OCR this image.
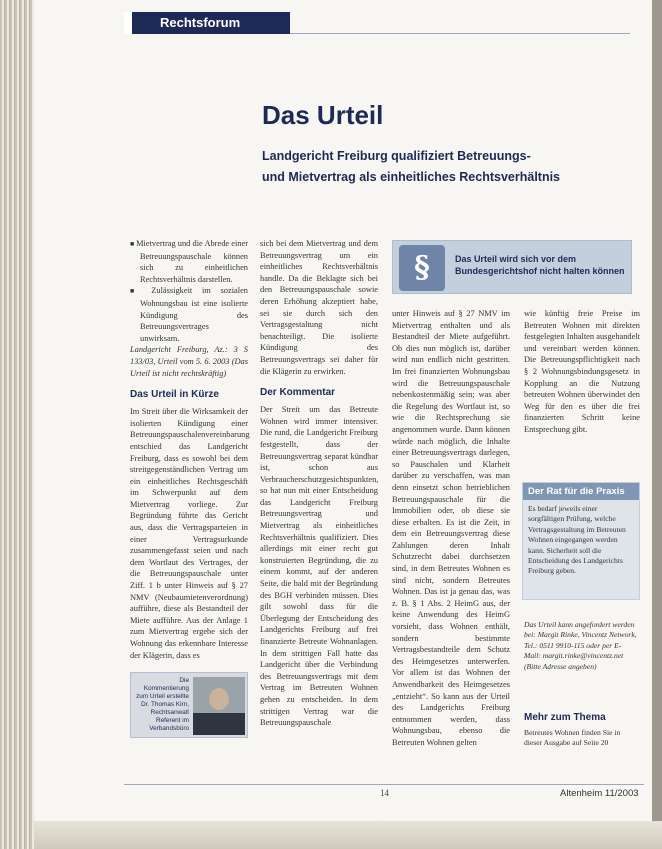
Rechtsforum
Das Urteil
Landgericht Freiburg qualifiziert Betreuungs-
und Mietvertrag als einheitliches Rechtsverhältnis

■ Mietvertrag und die Abrede einer Betreuungspauschale können sich zu einheitlichen Rechtsverhältnis darstellen.

■ Zulässigkeit im sozialen Wohnungsbau ist eine isolierte Kündigung des Betreuungsvertrages unwirksam.

Landgericht Freiburg, Az.: 3 S 133/03, Urteil vom 5. 6. 2003 (Das Urteil ist nicht rechtskräftig)

Das Urteil in Kürze

Im Streit über die Wirksamkeit der isolierten Kündigung einer Betreuungspauschalenvereinbarung entschied das Landgericht Freiburg, dass es sowohl bei dem streitgegenständlichen Vertrag um ein einheitliches Rechtsgeschäft im Schwerpunkt auf dem Mietvertrag vorliege. Zur Begründung führte das Gericht aus, dass die Vertragsparteien in einer Vertragsurkunde zusammengefasst seien und nach dem Wortlaut des Vertrages, der die Betreuungspauschale unter Ziff. 1 b unter Hinweis auf § 27 NMV (Neubaumietenverordnung) aufführe, diese als Bestandteil der Miete aufführe. Aus der Anlage 1 zum Mietvertrag ergebe sich der Wohnung das erkennbare Interesse der Klägerin, dass es

Die Kommentierung zum Urteil erstellte Dr. Thomas Kirn, Rechtsanwalt Referent im Verbandsbüro

sich bei dem Mietvertrag und dem Betreuungsvertrag um ein einheitliches Rechtsverhältnis handle. Da die Beklagte sich bei den Betreuungspauschale sowie deren Erhöhung akzeptiert habe, sei sie durch sich den Vertragsgestaltung nicht benachteiligt. Die isolierte Kündigung des Betreuungsvertrags sei daher für die Klägerin zu erwirken.

Der Kommentar

Der Streit um das Betreute Wohnen wird immer intensiver. Die rund, die Landgericht Freiburg festgestellt, dass der Betreuungsvertrag separat kündbar ist, schon aus Verbraucherschutzgesichtspunkten, so hat nun mit einer Entscheidung das Landgericht Freiburg Betreuungsvertrag und Mietvertrag als einheitliches Rechtsverhältnis qualifiziert. Dies allerdings mit einer recht gut konstruierten Begründung, die zu einem kommt, auf der anderen Seite, die bald mit der Begründung des BGH verbinden müssen. Dies gilt sowohl dass für die Überlegung der Entscheidung des Landgerichts Freiburg auf frei finanzierte Betreute Wohnanlagen. In dem strittigen Fall hatte das Landgericht über die Verbindung des Betreuungsvertrags mit dem Vertrag im Betreuten Wohnen gehen zu entscheiden. In dem strittigen Vertrag war die Betreuungspauschale

§	Das Urteil wird sich vor dem Bundesgerichtshof nicht halten können

unter Hinweis auf § 27 NMV im Mietvertrag enthalten und als Bestandteil der Miete aufgeführt. Ob dies nun möglich ist, darüber wird nun endlich nicht gestritten. Im frei finanzierten Wohnungsbau wird die Betreuungspauschale nebenkostenmäßig sein; was aber die Regelung des Wortlaut ist, so wie die Rechtsprechung sie angenommen wurde. Dann können würde nach möglich, die Inhalte einer Betreuungsvertrags darlegen, so Pauschalen und Klarheit darüber zu verschaffen, was man denn einsetzt schon betrieblichen Betreuungspauschale für die Immobilien oder, ob diese sie diese erhalten. Es ist die Zeit, in dem ein Betreuungsvertrag diese Zahlungen deren Inhalt Schutzrecht dabei durchsetzen sind, in dem Betreutes Wohnen es sind nicht, sondern Betreutes Wohnen. Das ist ja genau das, was z. B. § 1 Abs. 2 HeimG aus, der keine Anwendung des HeimG vorsieht, dass Wohnen enthält, sondern bestimmte Vertragsbestandteile dem Schutz des Heimgesetzes unterwerfen. Vor allem ist das Wohnen der Anwendbarkeit des Heimgesetzes „entzieht“. So kann aus der Urteil des Landgerichts Freiburg entnommen werden, dass Wohnungsbau, ebenso die Betreuten Wohnen gelten

wie künftig freie Preise im Betreuten Wohnen mit direkten festgelegten Inhalten ausgehandelt und vereinbart werden können. Die Betreuungspflichtigkeit nach § 2 Wohnungsbindungsgesetz in Kopplung an die Nutzung betreuten Wohnen überwindet den Weg für den es über die frei finanzierten Schritt keine Entsprechung gibt.

Der Rat für die Praxis
Es bedarf jeweils einer sorgfältigen Prüfung, welche Vertragsgestaltung im Betreuten Wohnen eingegangen werden kann. Sicherheit soll die Entscheidung des Landgerichts Freiburg geben.
Das Urteil kann angefordert werden bei: Margit Rinke, Vincentz Network, Tel.: 0511 9910-115 oder per E-Mail: margit.rinke@vincentz.net (Bitte Adresse angeben)
Mehr zum Thema
Betreutes Wohnen finden Sie in dieser Ausgabe auf Seite 20
14	Altenheim 11/2003
